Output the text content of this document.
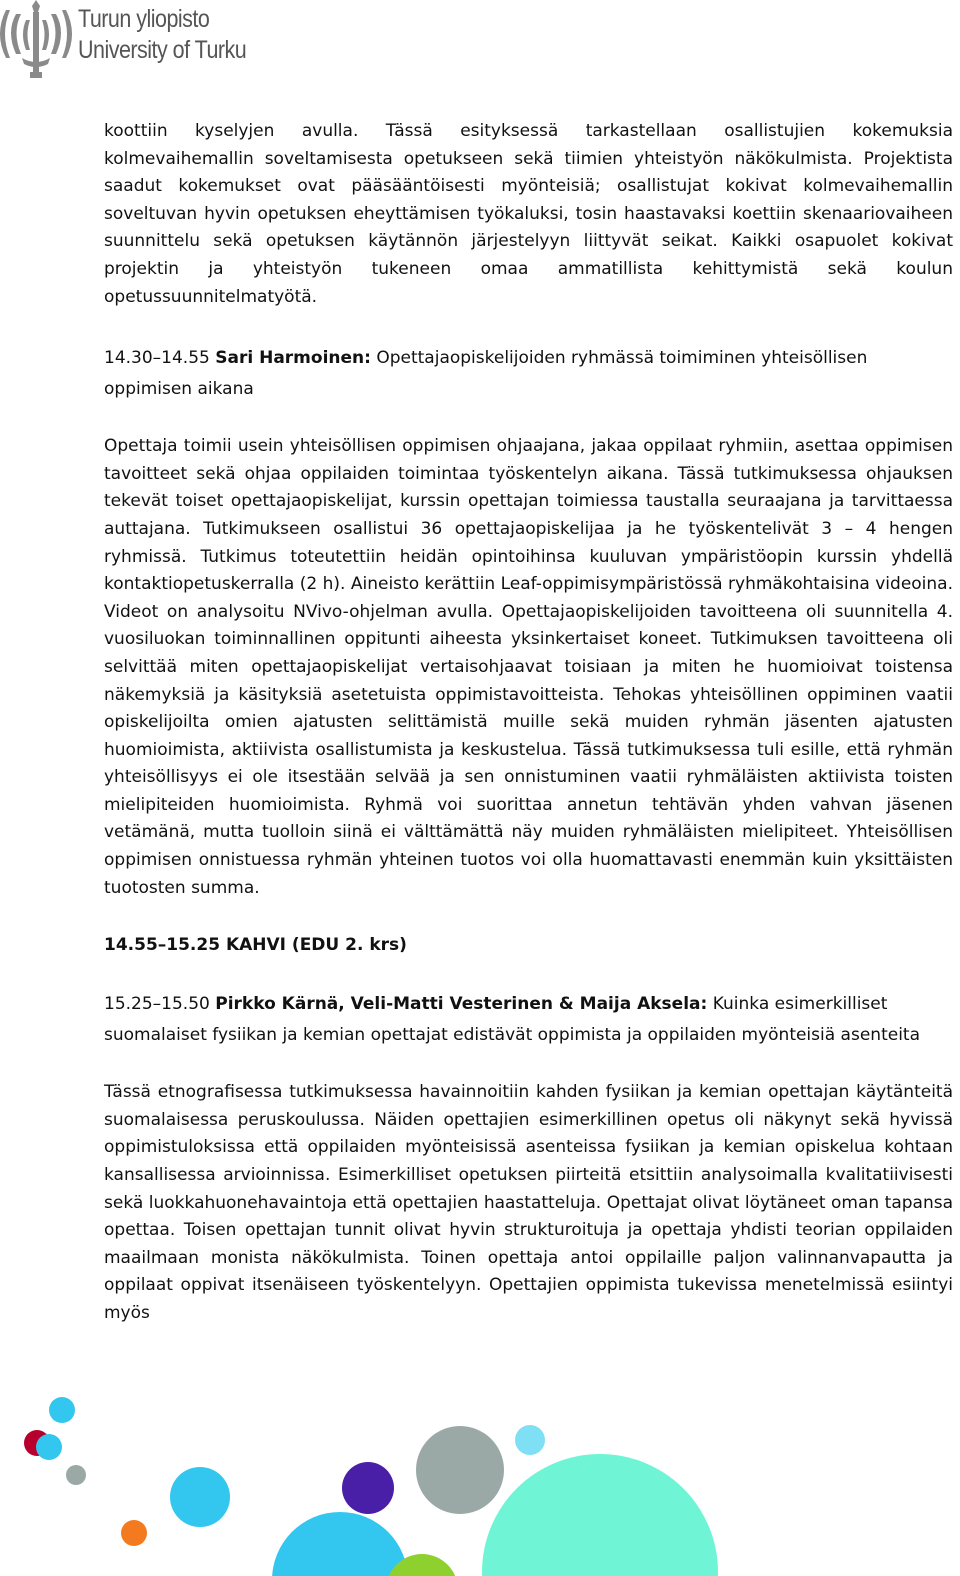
Turun yliopisto
University of Turku

koottiin kyselyjen avulla. Tässä esityksessä tarkastellaan osallistujien kokemuksia kolmevaihemallin soveltamisesta opetukseen sekä tiimien yhteistyön näkökulmista. Projektista saadut kokemukset ovat pääsääntöisesti myönteisiä; osallistujat kokivat kolmevaihemallin soveltuvan hyvin opetuksen eheyttämisen työkaluksi, tosin haastavaksi koettiin skenaariovaiheen suunnittelu sekä opetuksen käytännön järjestelyyn liittyvät seikat. Kaikki osapuolet kokivat projektin ja yhteistyön tukeneen omaa ammatillista kehittymistä sekä koulun opetussuunnitelmatyötä.

14.30–14.55 Sari Harmoinen: Opettajaopiskelijoiden ryhmässä toimiminen yhteisöllisen oppimisen aikana

Opettaja toimii usein yhteisöllisen oppimisen ohjaajana, jakaa oppilaat ryhmiin, asettaa oppimisen tavoitteet sekä ohjaa oppilaiden toimintaa työskentelyn aikana. Tässä tutkimuksessa ohjauksen tekevät toiset opettajaopiskelijat, kurssin opettajan toimiessa taustalla seuraajana ja tarvittaessa auttajana. Tutkimukseen osallistui 36 opettajaopiskelijaa ja he työskentelivät 3 – 4 hengen ryhmissä. Tutkimus toteutettiin heidän opintoihinsa kuuluvan ympäristöopin kurssin yhdellä kontaktiopetuskerralla (2 h). Aineisto kerättiin Leaf-oppimisympäristössä ryhmäkohtaisina videoina. Videot on analysoitu NVivo-ohjelman avulla. Opettajaopiskelijoiden tavoitteena oli suunnitella 4. vuosiluokan toiminnallinen oppitunti aiheesta yksinkertaiset koneet. Tutkimuksen tavoitteena oli selvittää miten opettajaopiskelijat vertaisohjaavat toisiaan ja miten he huomioivat toistensa näkemyksiä ja käsityksiä asetetuista oppimistavoitteista. Tehokas yhteisöllinen oppiminen vaatii opiskelijoilta omien ajatusten selittämistä muille sekä muiden ryhmän jäsenten ajatusten huomioimista, aktiivista osallistumista ja keskustelua. Tässä tutkimuksessa tuli esille, että ryhmän yhteisöllisyys ei ole itsestään selvää ja sen onnistuminen vaatii ryhmäläisten aktiivista toisten mielipiteiden huomioimista. Ryhmä voi suorittaa annetun tehtävän yhden vahvan jäsenen vetämänä, mutta tuolloin siinä ei välttämättä näy muiden ryhmäläisten mielipiteet. Yhteisöllisen oppimisen onnistuessa ryhmän yhteinen tuotos voi olla huomattavasti enemmän kuin yksittäisten tuotosten summa.

14.55–15.25 KAHVI (EDU 2. krs)

15.25–15.50 Pirkko Kärnä, Veli-Matti Vesterinen & Maija Aksela: Kuinka esimerkilliset suomalaiset fysiikan ja kemian opettajat edistävät oppimista ja oppilaiden myönteisiä asenteita

Tässä etnografisessa tutkimuksessa havainnoitiin kahden fysiikan ja kemian opettajan käytänteitä suomalaisessa peruskoulussa. Näiden opettajien esimerkillinen opetus oli näkynyt sekä hyvissä oppimistuloksissa että oppilaiden myönteisissä asenteissa fysiikan ja kemian opiskelua kohtaan kansallisessa arvioinnissa. Esimerkilliset opetuksen piirteitä etsittiin analysoimalla kvalitatiivisesti sekä luokkahuonehavaintoja että opettajien haastatteluja. Opettajat olivat löytäneet oman tapansa opettaa. Toisen opettajan tunnit olivat hyvin strukturoituja ja opettaja yhdisti teorian oppilaiden maailmaan monista näkökulmista. Toinen opettaja antoi oppilaille paljon valinnanvapautta ja oppilaat oppivat itsenäiseen työskentelyyn. Opettajien oppimista tukevissa menetelmissä esiintyi myös
